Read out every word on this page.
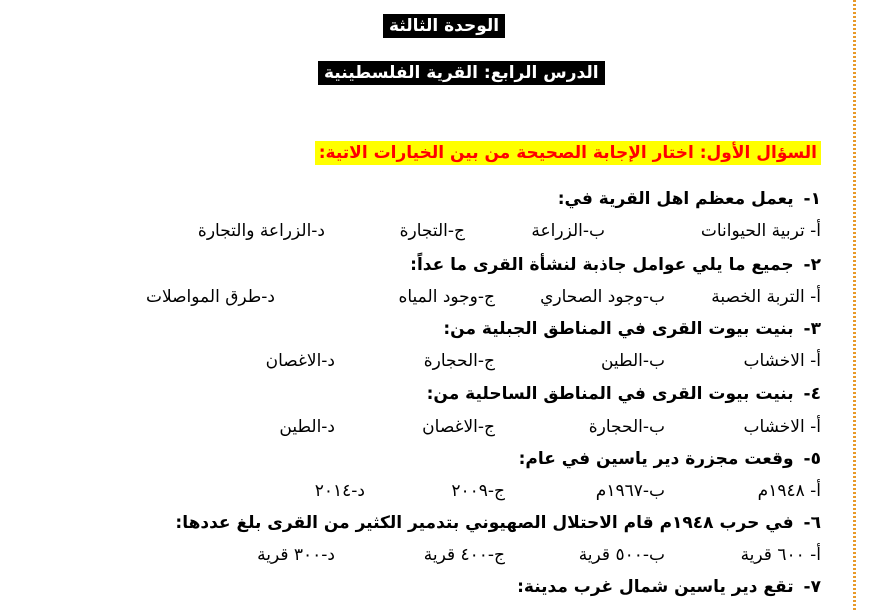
الوحدة الثالثة
الدرس الرابع: القرية الفلسطينية
السؤال الأول: اختار الإجابة الصحيحة من بين الخيارات الاتية:
١- يعمل معظم اهل القرية في:
أ- تربية الحيوانات
ب-الزراعة
ج-التجارة
د-الزراعة والتجارة
٢- جميع ما يلي عوامل جاذبة لنشأة القرى ما عداً:
أ- التربة الخصبة
ب-وجود الصحاري
ج-وجود المياه
د-طرق المواصلات
٣- بنيت بيوت القرى في المناطق الجبلية من:
أ- الاخشاب
ب-الطين
ج-الحجارة
د-الاغصان
٤- بنيت بيوت القرى في المناطق الساحلية من:
أ- الاخشاب
ب-الحجارة
ج-الاغصان
د-الطين
٥- وقعت مجزرة دير ياسين في عام:
أ- ١٩٤٨م
ب-١٩٦٧م
ج-٢٠٠٩
د-٢٠١٤
٦- في حرب ١٩٤٨م قام الاحتلال الصهيوني بتدمير الكثير من القرى بلغ عددها:
أ- ٦٠٠ قرية
ب-٥٠٠ قرية
ج-٤٠٠ قرية
د-٣٠٠ قرية
٧- تقع دير ياسين شمال غرب مدينة:
